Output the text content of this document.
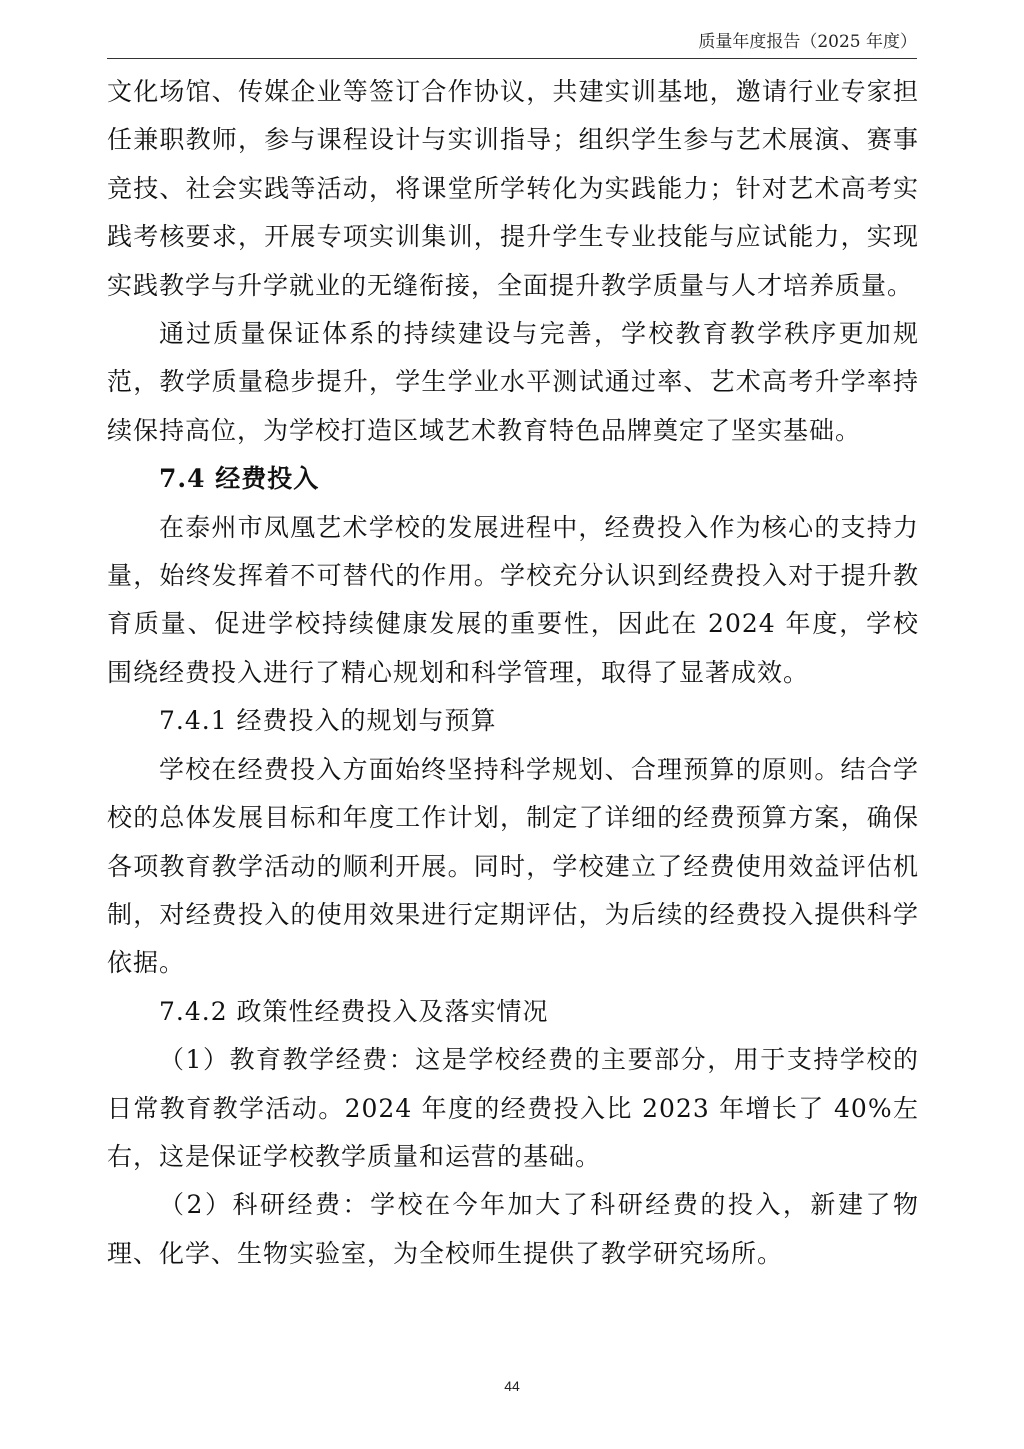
质量年度报告（2025 年度）

文化场馆、传媒企业等签订合作协议，共建实训基地，邀请行业专家担任兼职教师，参与课程设计与实训指导；组织学生参与艺术展演、赛事竞技、社会实践等活动，将课堂所学转化为实践能力；针对艺术高考实践考核要求，开展专项实训集训，提升学生专业技能与应试能力，实现实践教学与升学就业的无缝衔接，全面提升教学质量与人才培养质量。

通过质量保证体系的持续建设与完善，学校教育教学秩序更加规范，教学质量稳步提升，学生学业水平测试通过率、艺术高考升学率持续保持高位，为学校打造区域艺术教育特色品牌奠定了坚实基础。

7.4 经费投入

在泰州市凤凰艺术学校的发展进程中，经费投入作为核心的支持力量，始终发挥着不可替代的作用。学校充分认识到经费投入对于提升教育质量、促进学校持续健康发展的重要性，因此在 2024 年度，学校围绕经费投入进行了精心规划和科学管理，取得了显著成效。

7.4.1 经费投入的规划与预算

学校在经费投入方面始终坚持科学规划、合理预算的原则。结合学校的总体发展目标和年度工作计划，制定了详细的经费预算方案，确保各项教育教学活动的顺利开展。同时，学校建立了经费使用效益评估机制，对经费投入的使用效果进行定期评估，为后续的经费投入提供科学依据。

7.4.2 政策性经费投入及落实情况

（1）教育教学经费：这是学校经费的主要部分，用于支持学校的日常教育教学活动。2024 年度的经费投入比 2023 年增长了 40%左右，这是保证学校教学质量和运营的基础。

（2）科研经费：学校在今年加大了科研经费的投入，新建了物理、化学、生物实验室，为全校师生提供了教学研究场所。

44
